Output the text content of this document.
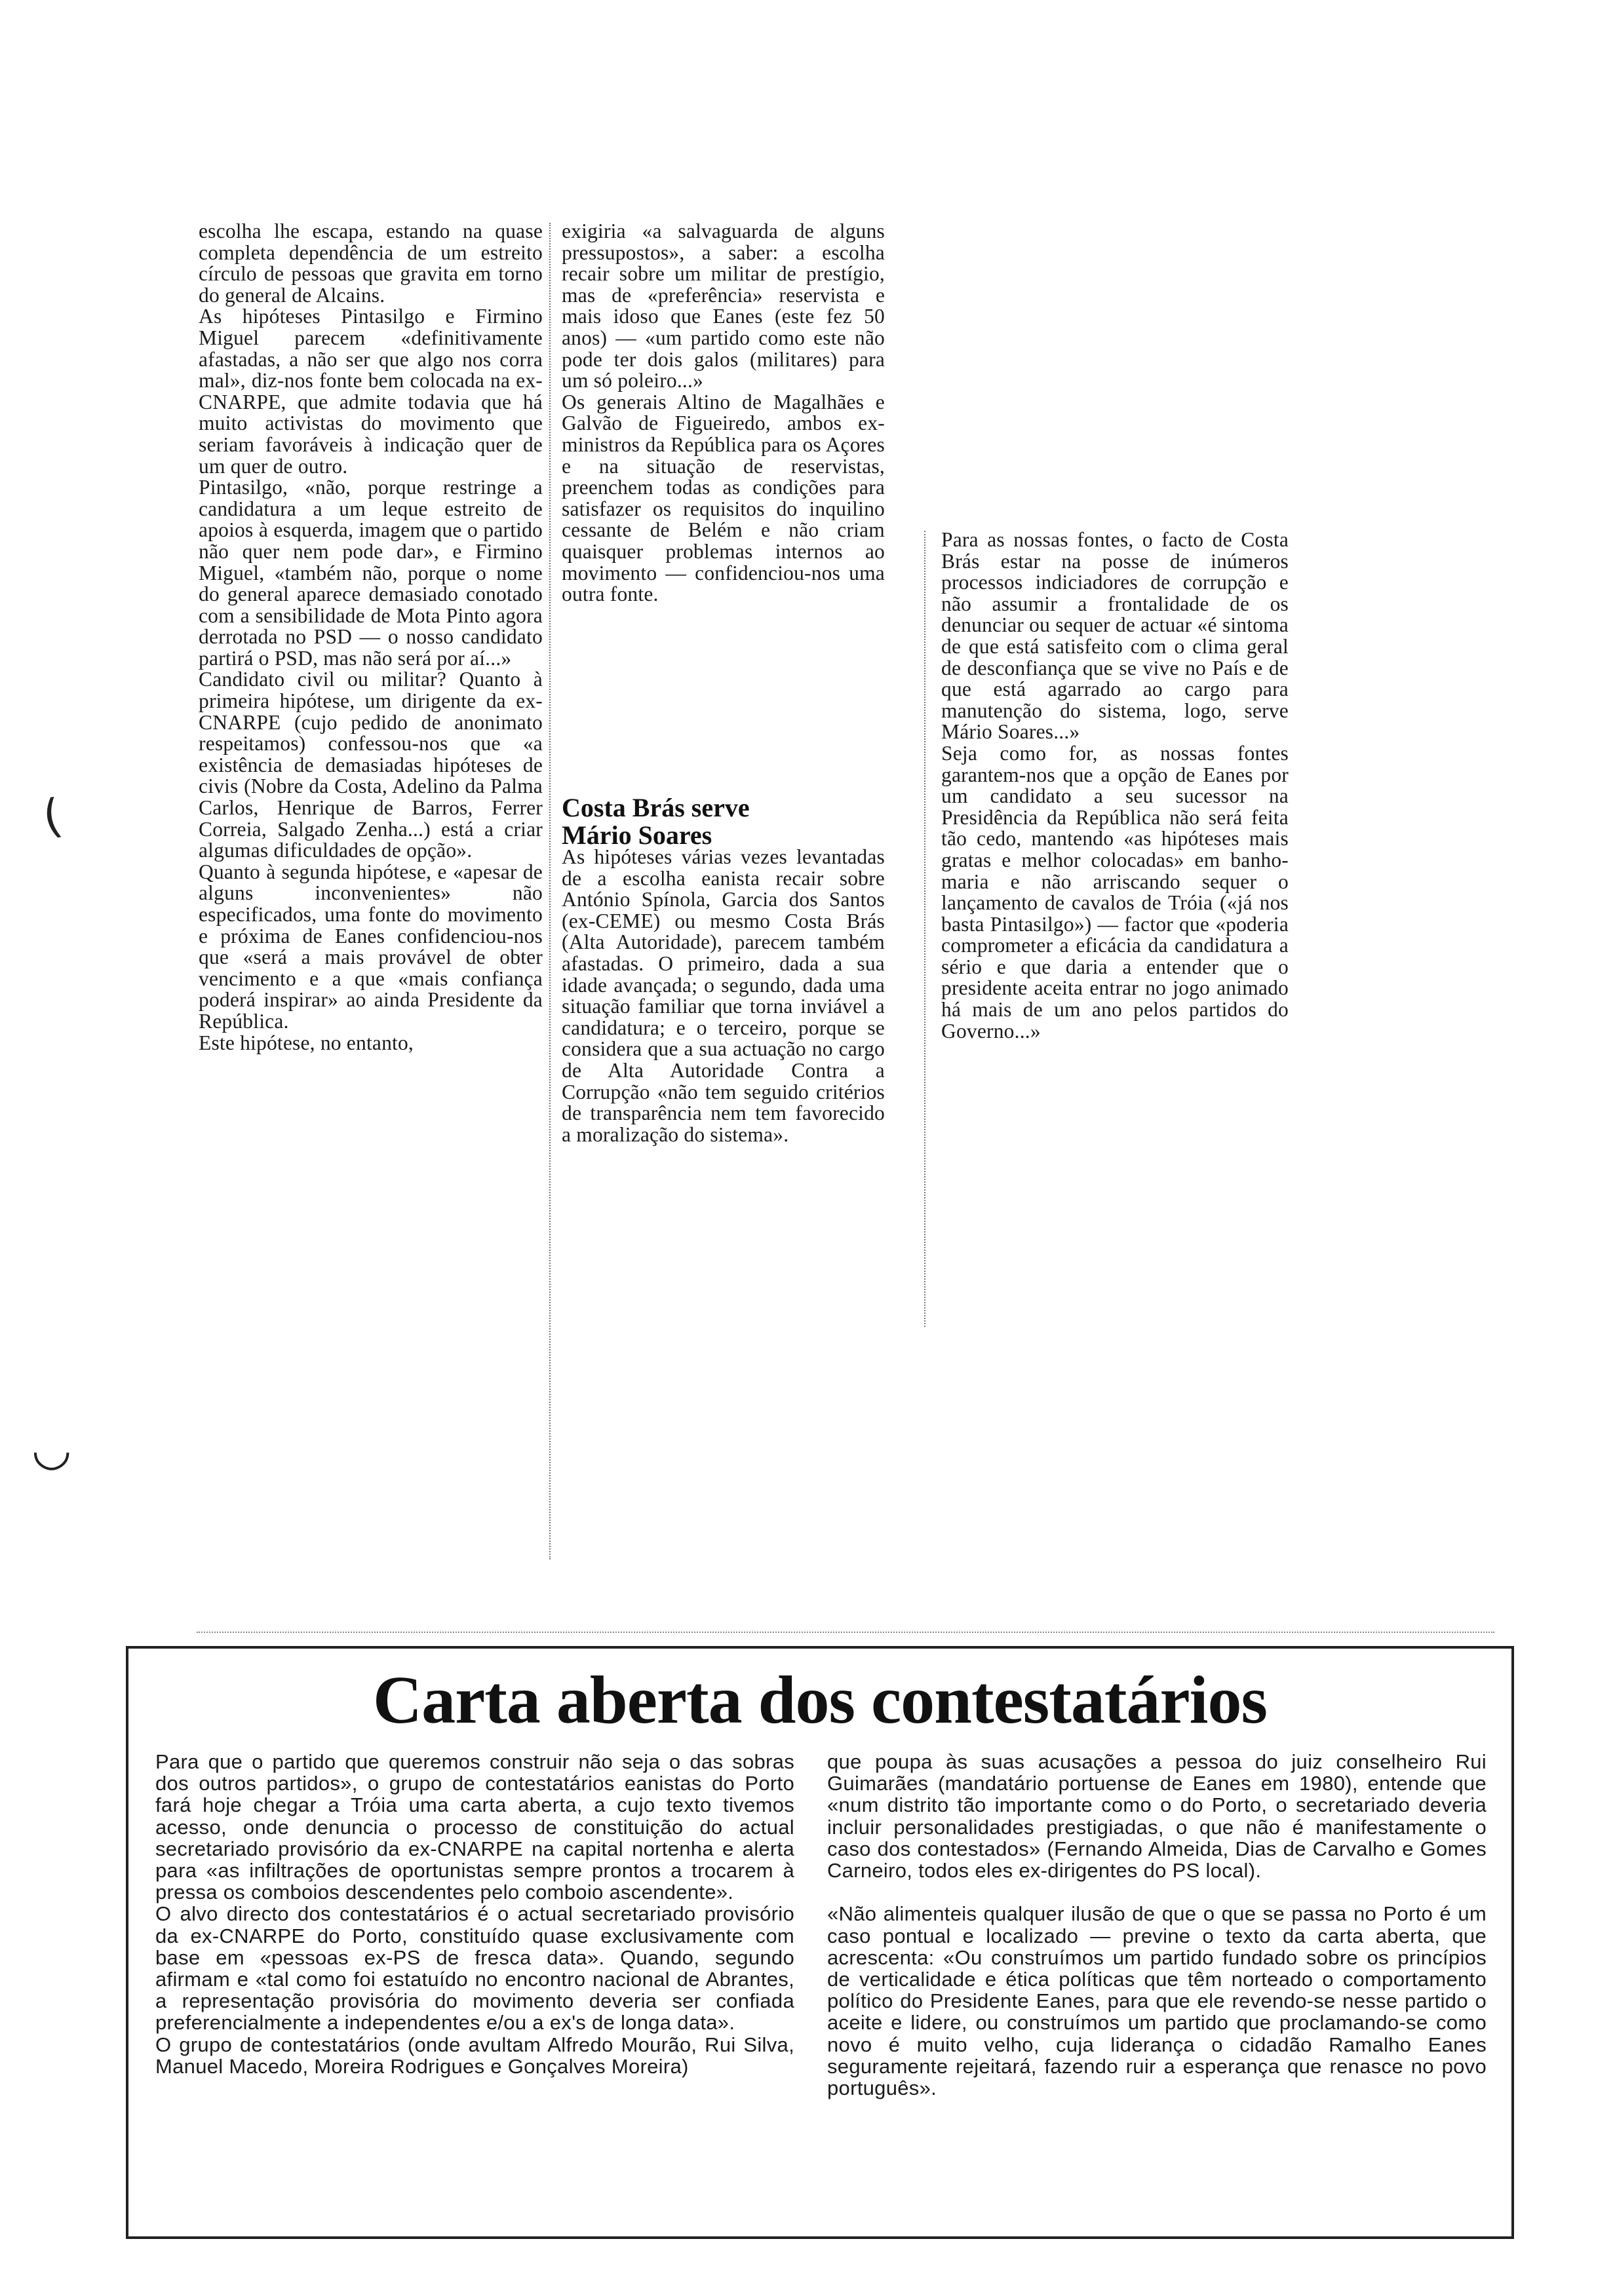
escolha lhe escapa, estando na quase completa dependência de um estreito círculo de pessoas que gravita em torno do general de Alcains.
As hipóteses Pintasilgo e Firmino Miguel parecem «definitivamente afastadas, a não ser que algo nos corra mal», diz-nos fonte bem colocada na ex-CNARPE, que admite todavia que há muito activistas do movimento que seriam favoráveis à indicação quer de um quer de outro.
Pintasilgo, «não, porque restringe a candidatura a um leque estreito de apoios à esquerda, imagem que o partido não quer nem pode dar», e Firmino Miguel, «também não, porque o nome do general aparece demasiado conotado com a sensibilidade de Mota Pinto agora derrotada no PSD — o nosso candidato partirá o PSD, mas não será por aí...»
Candidato civil ou militar? Quanto à primeira hipótese, um dirigente da ex-CNARPE (cujo pedido de anonimato respeitamos) confessou-nos que «a existência de demasiadas hipóteses de civis (Nobre da Costa, Adelino da Palma Carlos, Henrique de Barros, Ferrer Correia, Salgado Zenha...) está a criar algumas dificuldades de opção».
Quanto à segunda hipótese, e «apesar de alguns inconvenientes» não especificados, uma fonte do movimento e próxima de Eanes confidenciou-nos que «será a mais provável de obter vencimento e a que «mais confiança poderá inspirar» ao ainda Presidente da República.
Este hipótese, no entanto,
exigiria «a salvaguarda de alguns pressupostos», a saber: a escolha recair sobre um militar de prestígio, mas de «preferência» reservista e mais idoso que Eanes (este fez 50 anos) — «um partido como este não pode ter dois galos (militares) para um só poleiro...»
Os generais Altino de Magalhães e Galvão de Figueiredo, ambos ex-ministros da República para os Açores e na situação de reservistas, preenchem todas as condições para satisfazer os requisitos do inquilino cessante de Belém e não criam quaisquer problemas internos ao movimento — confidenciou-nos uma outra fonte.
Costa Brás serve
Mário Soares
As hipóteses várias vezes levantadas de a escolha eanista recair sobre António Spínola, Garcia dos Santos (ex-CEME) ou mesmo Costa Brás (Alta Autoridade), parecem também afastadas. O primeiro, dada a sua idade avançada; o segundo, dada uma situação familiar que torna inviável a candidatura; e o terceiro, porque se considera que a sua actuação no cargo de Alta Autoridade Contra a Corrupção «não tem seguido critérios de transparência nem tem favorecido a moralização do sistema».
Para as nossas fontes, o facto de Costa Brás estar na posse de inúmeros processos indiciadores de corrupção e não assumir a frontalidade de os denunciar ou sequer de actuar «é sintoma de que está satisfeito com o clima geral de desconfiança que se vive no País e de que está agarrado ao cargo para manutenção do sistema, logo, serve Mário Soares...»
Seja como for, as nossas fontes garantem-nos que a opção de Eanes por um candidato a seu sucessor na Presidência da República não será feita tão cedo, mantendo «as hipóteses mais gratas e melhor colocadas» em banho-maria e não arriscando sequer o lançamento de cavalos de Tróia («já nos basta Pintasilgo») — factor que «poderia comprometer a eficácia da candidatura a sério e que daria a entender que o presidente aceita entrar no jogo animado há mais de um ano pelos partidos do Governo...»
(
◡
Carta aberta dos contestatários
Para que o partido que queremos construir não seja o das sobras dos outros partidos», o grupo de contestatários eanistas do Porto fará hoje chegar a Tróia uma carta aberta, a cujo texto tivemos acesso, onde denuncia o processo de constituição do actual secretariado provisório da ex-CNARPE na capital nortenha e alerta para «as infiltrações de oportunistas sempre prontos a trocarem à pressa os comboios descendentes pelo comboio ascendente».
O alvo directo dos contestatários é o actual secretariado provisório da ex-CNARPE do Porto, constituído quase exclusivamente com base em «pessoas ex-PS de fresca data». Quando, segundo afirmam e «tal como foi estatuído no encontro nacional de Abrantes, a representação provisória do movimento deveria ser confiada preferencialmente a independentes e/ou a ex's de longa data».
O grupo de contestatários (onde avultam Alfredo Mourão, Rui Silva, Manuel Macedo, Moreira Rodrigues e Gonçalves Moreira)
que poupa às suas acusações a pessoa do juiz conselheiro Rui Guimarães (mandatário portuense de Eanes em 1980), entende que «num distrito tão importante como o do Porto, o secretariado deveria incluir personalidades prestigiadas, o que não é manifestamente o caso dos contestados» (Fernando Almeida, Dias de Carvalho e Gomes Carneiro, todos eles ex-dirigentes do PS local).

«Não alimenteis qualquer ilusão de que o que se passa no Porto é um caso pontual e localizado — previne o texto da carta aberta, que acrescenta: «Ou construímos um partido fundado sobre os princípios de verticalidade e ética políticas que têm norteado o comportamento político do Presidente Eanes, para que ele revendo-se nesse partido o aceite e lidere, ou construímos um partido que proclamando-se como novo é muito velho, cuja liderança o cidadão Ramalho Eanes seguramente rejeitará, fazendo ruir a esperança que renasce no povo português».
